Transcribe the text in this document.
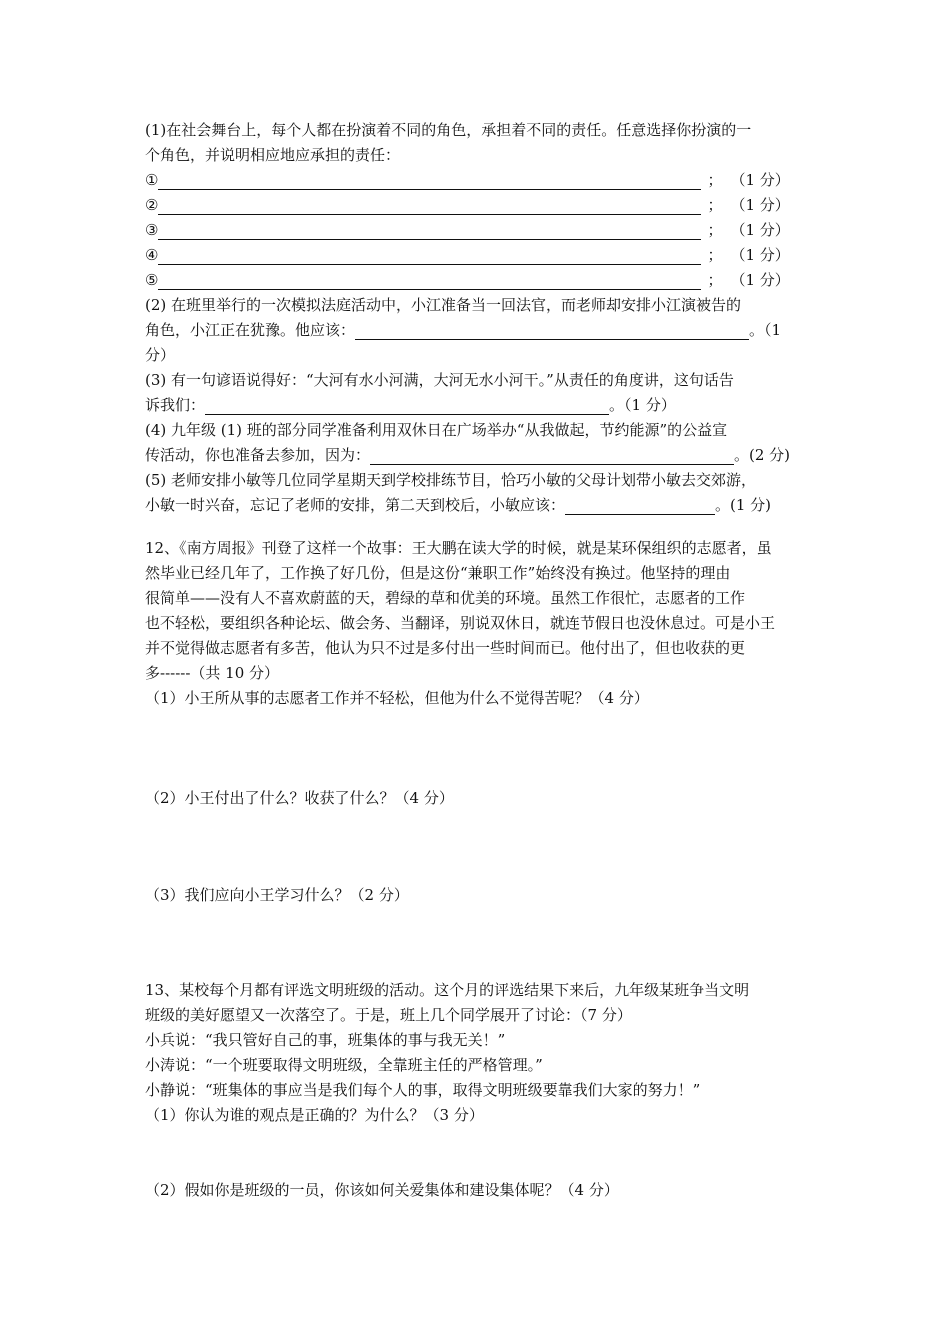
(1)在社会舞台上，每个人都在扮演着不同的角色，承担着不同的责任。任意选择你扮演的一
个角色，并说明相应地应承担的责任：
①	； （1 分）
②	； （1 分）
③	； （1 分）
④	； （1 分）
⑤	； （1 分）
(2) 在班里举行的一次模拟法庭活动中，小江准备当一回法官，而老师却安排小江演被告的
角色，小江正在犹豫。他应该：	。（1
分）
(3) 有一句谚语说得好：“大河有水小河满，大河无水小河干。”从责任的角度讲，这句话告
诉我们：	。（1 分）
(4) 九年级 (1) 班的部分同学准备利用双休日在广场举办“从我做起，节约能源”的公益宣
传活动，你也准备去参加，因为：	。(2 分)
(5) 老师安排小敏等几位同学星期天到学校排练节目，恰巧小敏的父母计划带小敏去交郊游，
小敏一时兴奋，忘记了老师的安排，第二天到校后，小敏应该：	。(1 分)
12、《南方周报》刊登了这样一个故事：王大鹏在读大学的时候，就是某环保组织的志愿者，虽
然毕业已经几年了，工作换了好几份，但是这份“兼职工作”始终没有换过。他坚持的理由
很简单——没有人不喜欢蔚蓝的天，碧绿的草和优美的环境。虽然工作很忙，志愿者的工作
也不轻松，要组织各种论坛、做会务、当翻译，别说双休日，就连节假日也没休息过。可是小王
并不觉得做志愿者有多苦，他认为只不过是多付出一些时间而已。他付出了，但也收获的更
多------（共 10 分）
（1）小王所从事的志愿者工作并不轻松，但他为什么不觉得苦呢？（4 分）
（2）小王付出了什么？收获了什么？（4 分）
（3）我们应向小王学习什么？（2 分）
13、某校每个月都有评选文明班级的活动。这个月的评选结果下来后，九年级某班争当文明
班级的美好愿望又一次落空了。于是，班上几个同学展开了讨论：（7 分）
小兵说：“我只管好自己的事，班集体的事与我无关！”
小涛说：“一个班要取得文明班级，全靠班主任的严格管理。”
小静说：“班集体的事应当是我们每个人的事，取得文明班级要靠我们大家的努力！”
（1）你认为谁的观点是正确的？为什么？（3 分）
（2）假如你是班级的一员，你该如何关爱集体和建设集体呢？（4 分）
